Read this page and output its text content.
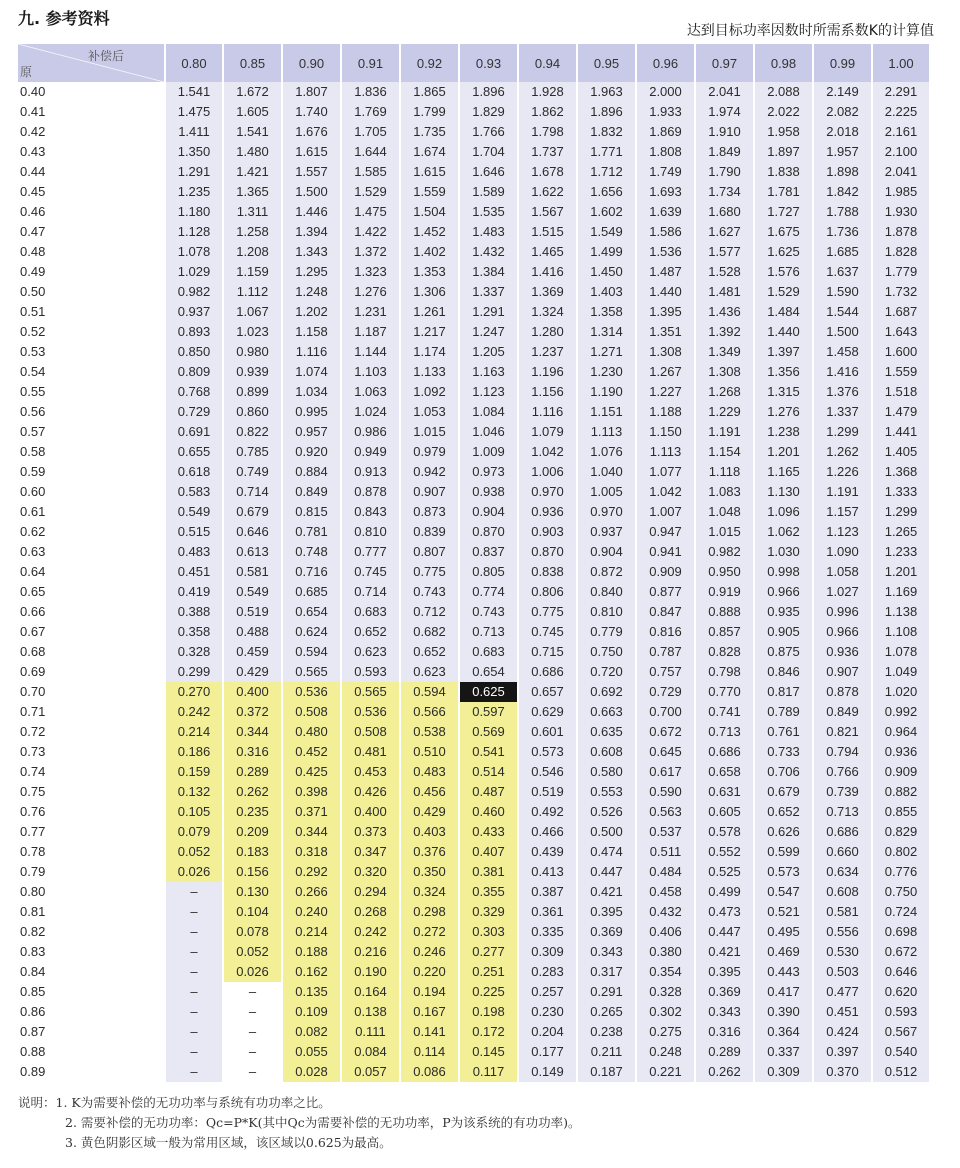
九. 参考资料
达到目标功率因数时所需系数K的计算值
补偿后
原	0.80	0.85	0.90	0.91	0.92	0.93	0.94	0.95	0.96	0.97	0.98	0.99	1.00
0.40	1.541	1.672	1.807	1.836	1.865	1.896	1.928	1.963	2.000	2.041	2.088	2.149	2.291
0.41	1.475	1.605	1.740	1.769	1.799	1.829	1.862	1.896	1.933	1.974	2.022	2.082	2.225
0.42	1.411	1.541	1.676	1.705	1.735	1.766	1.798	1.832	1.869	1.910	1.958	2.018	2.161
0.43	1.350	1.480	1.615	1.644	1.674	1.704	1.737	1.771	1.808	1.849	1.897	1.957	2.100
0.44	1.291	1.421	1.557	1.585	1.615	1.646	1.678	1.712	1.749	1.790	1.838	1.898	2.041
0.45	1.235	1.365	1.500	1.529	1.559	1.589	1.622	1.656	1.693	1.734	1.781	1.842	1.985
0.46	1.180	1.311	1.446	1.475	1.504	1.535	1.567	1.602	1.639	1.680	1.727	1.788	1.930
0.47	1.128	1.258	1.394	1.422	1.452	1.483	1.515	1.549	1.586	1.627	1.675	1.736	1.878
0.48	1.078	1.208	1.343	1.372	1.402	1.432	1.465	1.499	1.536	1.577	1.625	1.685	1.828
0.49	1.029	1.159	1.295	1.323	1.353	1.384	1.416	1.450	1.487	1.528	1.576	1.637	1.779
0.50	0.982	1.112	1.248	1.276	1.306	1.337	1.369	1.403	1.440	1.481	1.529	1.590	1.732
0.51	0.937	1.067	1.202	1.231	1.261	1.291	1.324	1.358	1.395	1.436	1.484	1.544	1.687
0.52	0.893	1.023	1.158	1.187	1.217	1.247	1.280	1.314	1.351	1.392	1.440	1.500	1.643
0.53	0.850	0.980	1.116	1.144	1.174	1.205	1.237	1.271	1.308	1.349	1.397	1.458	1.600
0.54	0.809	0.939	1.074	1.103	1.133	1.163	1.196	1.230	1.267	1.308	1.356	1.416	1.559
0.55	0.768	0.899	1.034	1.063	1.092	1.123	1.156	1.190	1.227	1.268	1.315	1.376	1.518
0.56	0.729	0.860	0.995	1.024	1.053	1.084	1.116	1.151	1.188	1.229	1.276	1.337	1.479
0.57	0.691	0.822	0.957	0.986	1.015	1.046	1.079	1.113	1.150	1.191	1.238	1.299	1.441
0.58	0.655	0.785	0.920	0.949	0.979	1.009	1.042	1.076	1.113	1.154	1.201	1.262	1.405
0.59	0.618	0.749	0.884	0.913	0.942	0.973	1.006	1.040	1.077	1.118	1.165	1.226	1.368
0.60	0.583	0.714	0.849	0.878	0.907	0.938	0.970	1.005	1.042	1.083	1.130	1.191	1.333
0.61	0.549	0.679	0.815	0.843	0.873	0.904	0.936	0.970	1.007	1.048	1.096	1.157	1.299
0.62	0.515	0.646	0.781	0.810	0.839	0.870	0.903	0.937	0.947	1.015	1.062	1.123	1.265
0.63	0.483	0.613	0.748	0.777	0.807	0.837	0.870	0.904	0.941	0.982	1.030	1.090	1.233
0.64	0.451	0.581	0.716	0.745	0.775	0.805	0.838	0.872	0.909	0.950	0.998	1.058	1.201
0.65	0.419	0.549	0.685	0.714	0.743	0.774	0.806	0.840	0.877	0.919	0.966	1.027	1.169
0.66	0.388	0.519	0.654	0.683	0.712	0.743	0.775	0.810	0.847	0.888	0.935	0.996	1.138
0.67	0.358	0.488	0.624	0.652	0.682	0.713	0.745	0.779	0.816	0.857	0.905	0.966	1.108
0.68	0.328	0.459	0.594	0.623	0.652	0.683	0.715	0.750	0.787	0.828	0.875	0.936	1.078
0.69	0.299	0.429	0.565	0.593	0.623	0.654	0.686	0.720	0.757	0.798	0.846	0.907	1.049
0.70	0.270	0.400	0.536	0.565	0.594	0.625	0.657	0.692	0.729	0.770	0.817	0.878	1.020
0.71	0.242	0.372	0.508	0.536	0.566	0.597	0.629	0.663	0.700	0.741	0.789	0.849	0.992
0.72	0.214	0.344	0.480	0.508	0.538	0.569	0.601	0.635	0.672	0.713	0.761	0.821	0.964
0.73	0.186	0.316	0.452	0.481	0.510	0.541	0.573	0.608	0.645	0.686	0.733	0.794	0.936
0.74	0.159	0.289	0.425	0.453	0.483	0.514	0.546	0.580	0.617	0.658	0.706	0.766	0.909
0.75	0.132	0.262	0.398	0.426	0.456	0.487	0.519	0.553	0.590	0.631	0.679	0.739	0.882
0.76	0.105	0.235	0.371	0.400	0.429	0.460	0.492	0.526	0.563	0.605	0.652	0.713	0.855
0.77	0.079	0.209	0.344	0.373	0.403	0.433	0.466	0.500	0.537	0.578	0.626	0.686	0.829
0.78	0.052	0.183	0.318	0.347	0.376	0.407	0.439	0.474	0.511	0.552	0.599	0.660	0.802
0.79	0.026	0.156	0.292	0.320	0.350	0.381	0.413	0.447	0.484	0.525	0.573	0.634	0.776
0.80	–	0.130	0.266	0.294	0.324	0.355	0.387	0.421	0.458	0.499	0.547	0.608	0.750
0.81	–	0.104	0.240	0.268	0.298	0.329	0.361	0.395	0.432	0.473	0.521	0.581	0.724
0.82	–	0.078	0.214	0.242	0.272	0.303	0.335	0.369	0.406	0.447	0.495	0.556	0.698
0.83	–	0.052	0.188	0.216	0.246	0.277	0.309	0.343	0.380	0.421	0.469	0.530	0.672
0.84	–	0.026	0.162	0.190	0.220	0.251	0.283	0.317	0.354	0.395	0.443	0.503	0.646
0.85	–	–	0.135	0.164	0.194	0.225	0.257	0.291	0.328	0.369	0.417	0.477	0.620
0.86	–	–	0.109	0.138	0.167	0.198	0.230	0.265	0.302	0.343	0.390	0.451	0.593
0.87	–	–	0.082	0.111	0.141	0.172	0.204	0.238	0.275	0.316	0.364	0.424	0.567
0.88	–	–	0.055	0.084	0.114	0.145	0.177	0.211	0.248	0.289	0.337	0.397	0.540
0.89	–	–	0.028	0.057	0.086	0.117	0.149	0.187	0.221	0.262	0.309	0.370	0.512
说明：1. K为需要补偿的无功功率与系统有功功率之比。
2. 需要补偿的无功功率：Qc=P*K(其中Qc为需要补偿的无功功率，P为该系统的有功功率)。
3. 黄色阴影区域一般为常用区域，该区域以0.625为最高。
